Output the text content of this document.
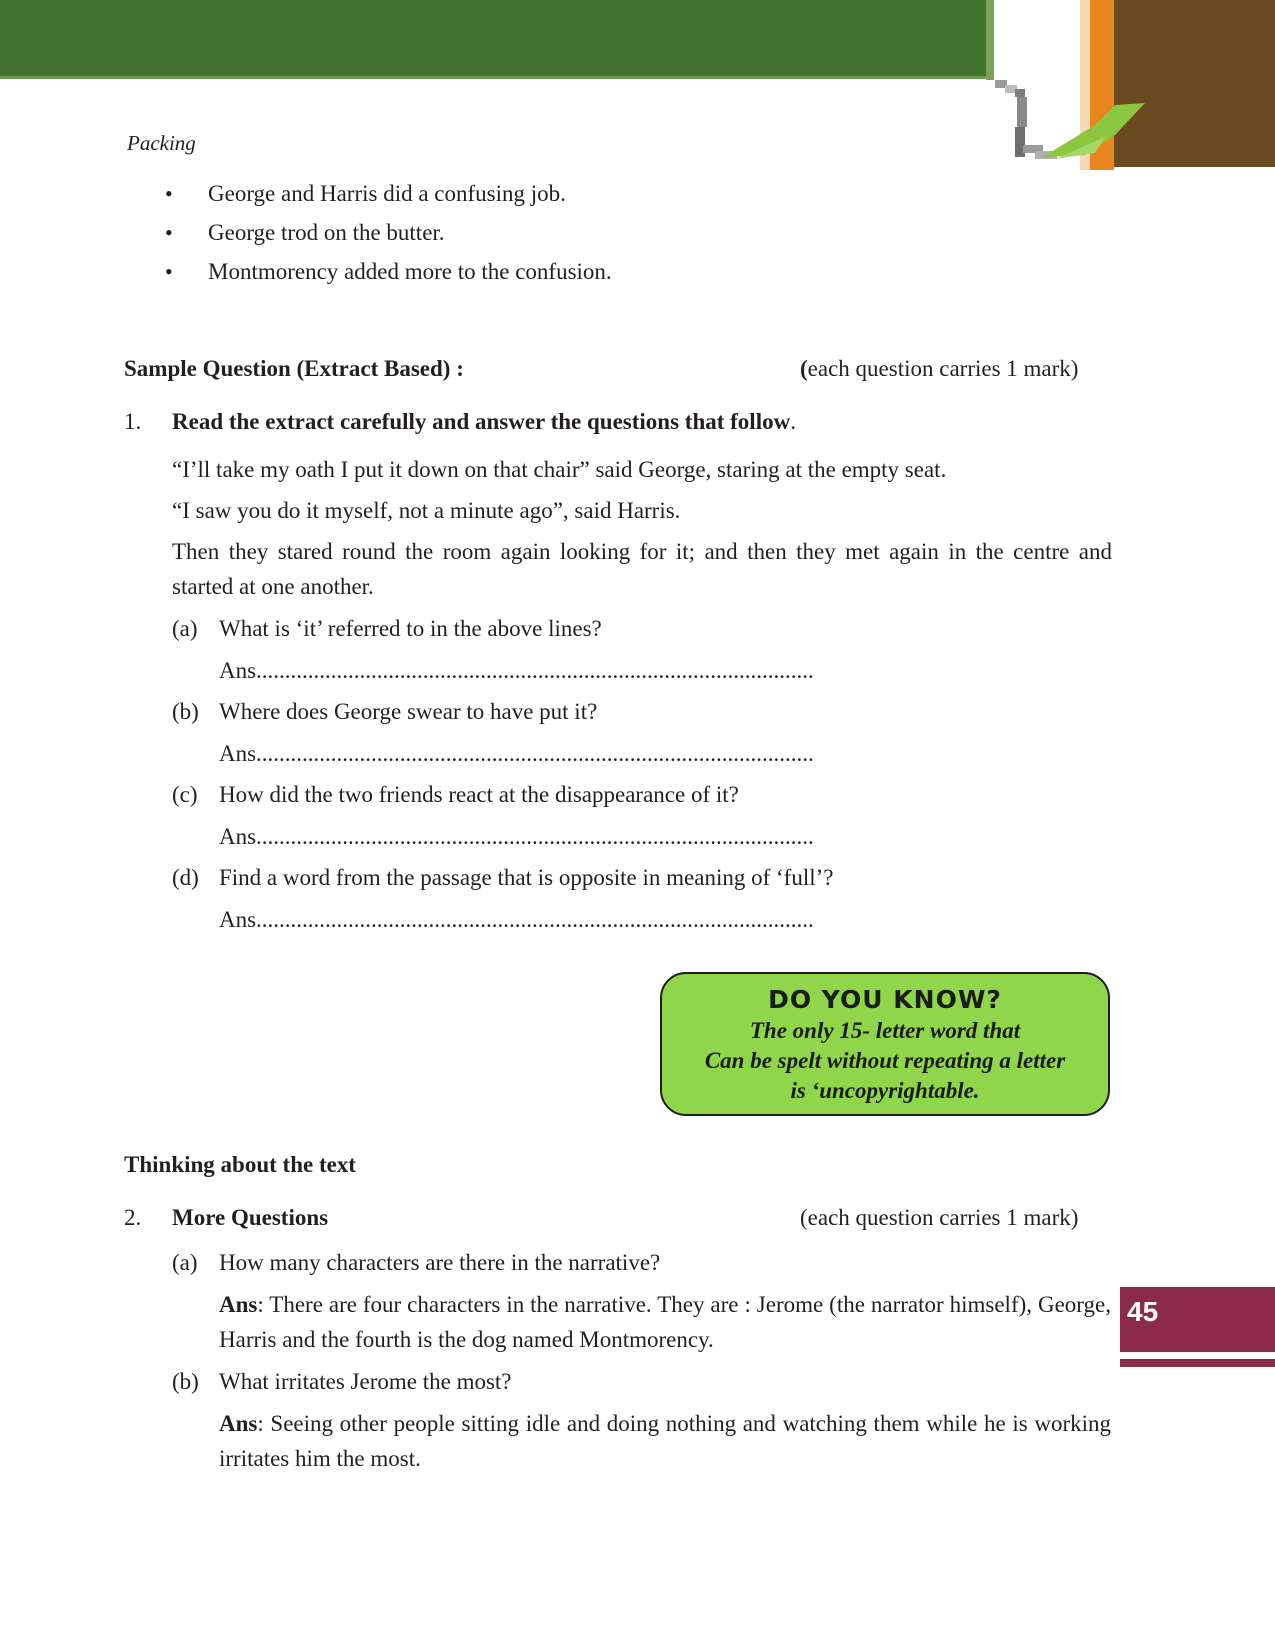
Packing
• George and Harris did a confusing job.
• George trod on the butter.
• Montmorency added more to the confusion.
Sample Question (Extract Based) :	(each question carries 1 mark)
1. Read the extract carefully and answer the questions that follow.
“I’ll take my oath I put it down on that chair” said George, staring at the empty seat.
“I saw you do it myself, not a minute ago”, said Harris.
Then they stared round the room again looking for it; and then they met again in the centre and started at one another.
(a) What is ‘it’ referred to in the above lines?
Ans.................................................................................................
(b) Where does George swear to have put it?
Ans.................................................................................................
(c) How did the two friends react at the disappearance of it?
Ans.................................................................................................
(d) Find a word from the passage that is opposite in meaning of ‘full’?
Ans.................................................................................................
DO YOU KNOW?
The only 15- letter word that
Can be spelt without repeating a letter
is ‘uncopyrightable.
Thinking about the text
2. More Questions	(each question carries 1 mark)
(a) How many characters are there in the narrative?
Ans: There are four characters in the narrative. They are : Jerome (the narrator himself), George, Harris and the fourth is the dog named Montmorency.
(b) What irritates Jerome the most?
Ans: Seeing other people sitting idle and doing nothing and watching them while he is working irritates him the most.
45
